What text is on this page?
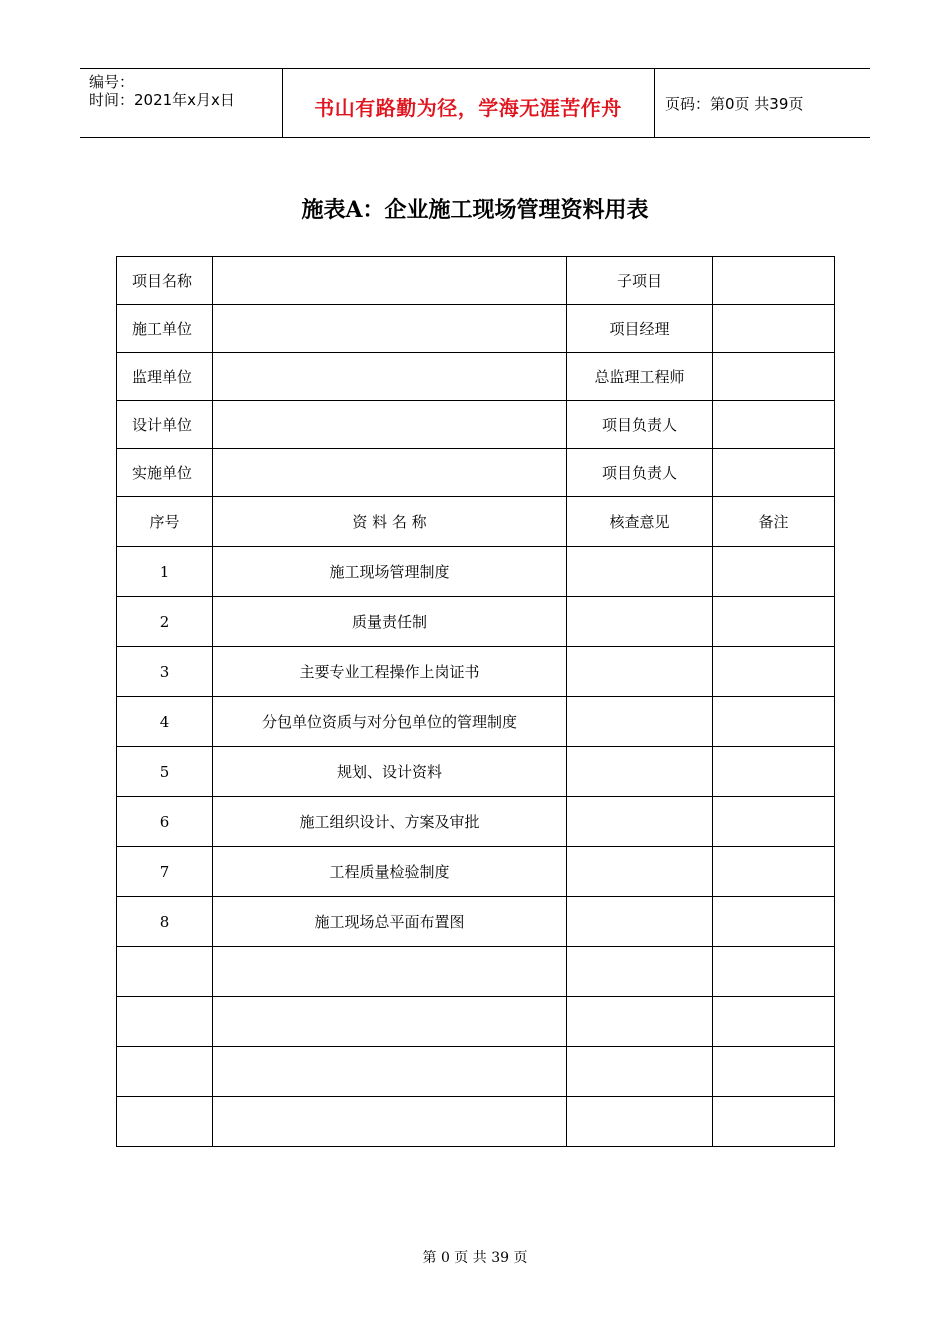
编号：
时间：2021年x月x日	书山有路勤为径，学海无涯苦作舟	页码：第0页 共39页
施表A：企业施工现场管理资料用表
项目名称		子项目	
施工单位		项目经理	
监理单位		总监理工程师	
设计单位		项目负责人	
实施单位		项目负责人	
序号	资 料 名 称	核查意见	备注
1	施工现场管理制度		
2	质量责任制		
3	主要专业工程操作上岗证书		
4	分包单位资质与对分包单位的管理制度		
5	规划、设计资料		
6	施工组织设计、方案及审批		
7	工程质量检验制度		
8	施工现场总平面布置图		

第 0 页 共 39 页
